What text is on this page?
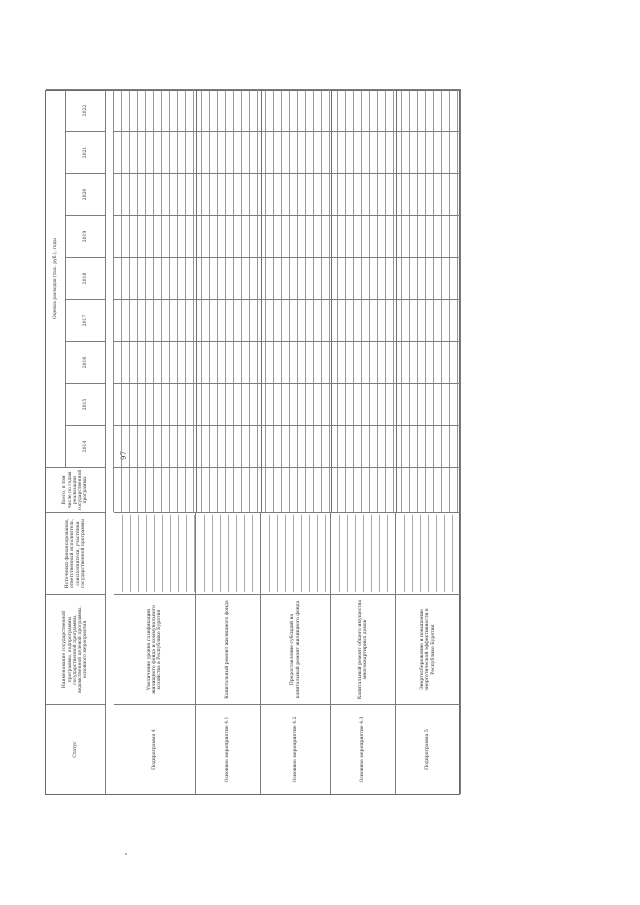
97
Статус
Наименование государственной программы, подпрограммы государственной программы, ведомственной целевой программы, основного мероприятия
Источники финансирования, ответственный исполнитель, соисполнители, участники государственной программы
Всего, в том числе по годам реализации государственной программы
Оценка расходов (тыс. руб.), годы
2014
2015
2016
2017
2018
2019
2020
2021
2022
Подпрограмма 4
Увеличение уровня газификации жилищного фонда и коммунального хозяйства в Республике Бурятия
Основное мероприятие 4.1
Капитальный ремонт жилищного фонда
Основное мероприятие 4.2
Предоставление субсидий на капитальный ремонт жилищного фонда
Основное мероприятие 4.3
Капитальный ремонт общего имущества многоквартирных домов
Подпрограмма 5
Энергосбережение и повышение энергетической эффективности в Республике Бурятия
